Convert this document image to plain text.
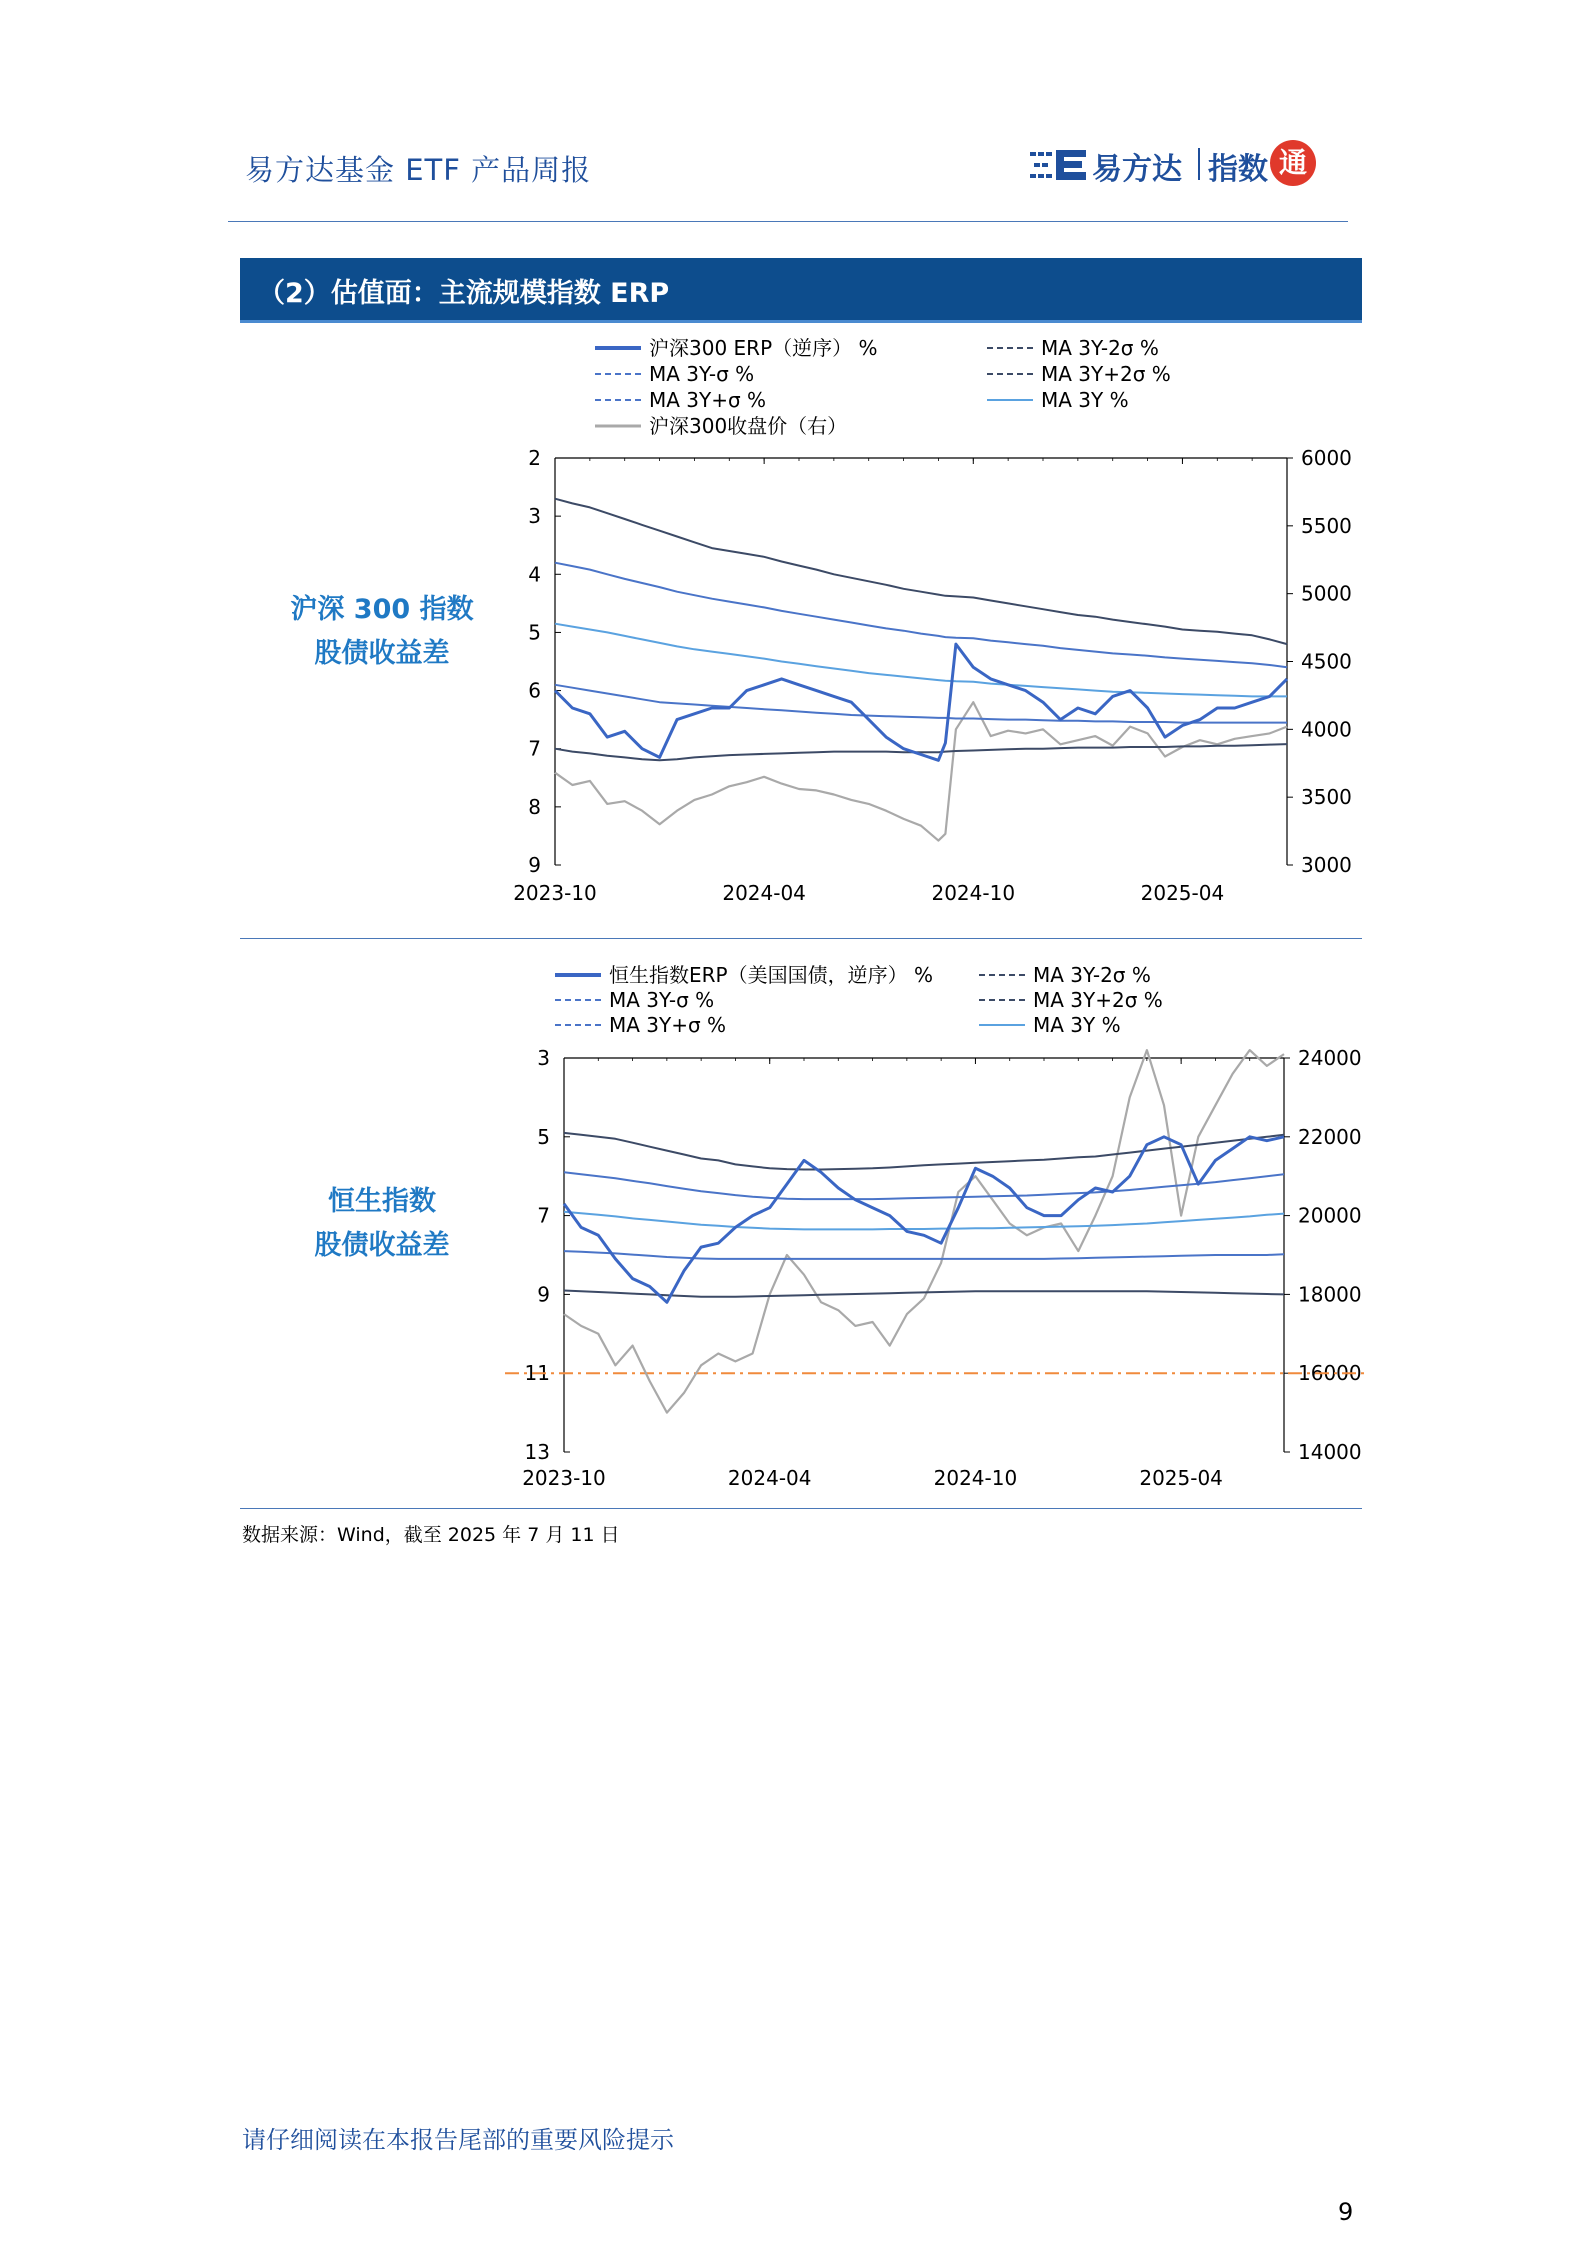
易方达基金 ETF 产品周报	易方达 指数 通
（2）估值面：主流规模指数 ERP
沪深 300 指数
股债收益差
恒生指数
股债收益差
沪深300 ERP（逆序） %	MA 3Y-2σ %
MA 3Y-σ %	MA 3Y+2σ %
MA 3Y+σ %	MA 3Y %
沪深300收盘价（右）
2
3
4
5
6
7
8
9
6000
5500
5000
4500
4000
3500
3000
2023-10	2024-04	2024-10	2025-04
恒生指数ERP（美国国债，逆序） %	MA 3Y-2σ %
MA 3Y-σ %	MA 3Y+2σ %
MA 3Y+σ %	MA 3Y %
3
5
7
9
11
13
24000
22000
20000
18000
16000
14000
2023-10	2024-04	2024-10	2025-04
数据来源：Wind，截至 2025 年 7 月 11 日
请仔细阅读在本报告尾部的重要风险提示
9
